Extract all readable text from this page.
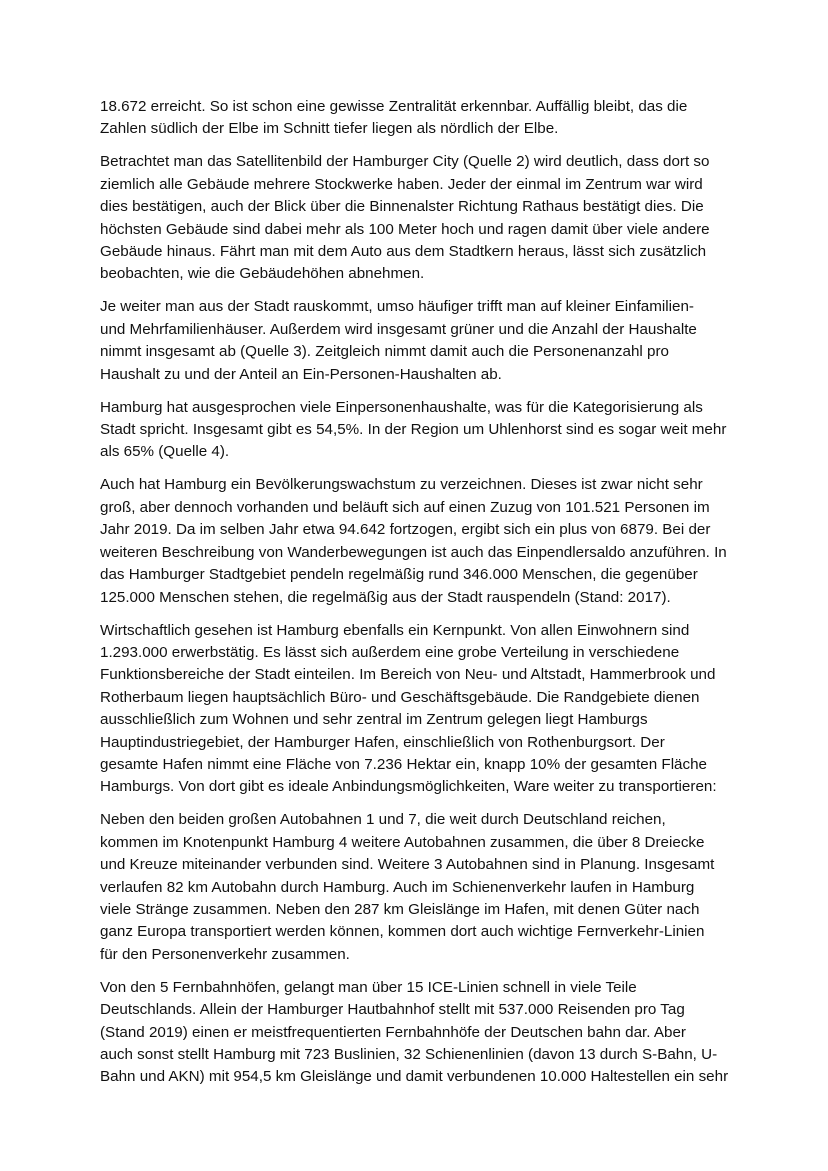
18.672 erreicht. So ist schon eine gewisse Zentralität erkennbar. Auffällig bleibt, das die
Zahlen südlich der Elbe im Schnitt tiefer liegen als nördlich der Elbe.

Betrachtet man das Satellitenbild der Hamburger City (Quelle 2) wird deutlich, dass dort so
ziemlich alle Gebäude mehrere Stockwerke haben. Jeder der einmal im Zentrum war wird
dies bestätigen, auch der Blick über die Binnenalster Richtung Rathaus bestätigt dies. Die
höchsten Gebäude sind dabei mehr als 100 Meter hoch und ragen damit über viele andere
Gebäude hinaus. Fährt man mit dem Auto aus dem Stadtkern heraus, lässt sich zusätzlich
beobachten, wie die Gebäudehöhen abnehmen.

Je weiter man aus der Stadt rauskommt, umso häufiger trifft man auf kleiner Einfamilien-
und Mehrfamilienhäuser. Außerdem wird insgesamt grüner und die Anzahl der Haushalte
nimmt insgesamt ab (Quelle 3). Zeitgleich nimmt damit auch die Personenanzahl pro
Haushalt zu und der Anteil an Ein-Personen-Haushalten ab.

Hamburg hat ausgesprochen viele Einpersonenhaushalte, was für die Kategorisierung als
Stadt spricht. Insgesamt gibt es 54,5%. In der Region um Uhlenhorst sind es sogar weit mehr
als 65% (Quelle 4).

Auch hat Hamburg ein Bevölkerungswachstum zu verzeichnen. Dieses ist zwar nicht sehr
groß, aber dennoch vorhanden und beläuft sich auf einen Zuzug von 101.521 Personen im
Jahr 2019. Da im selben Jahr etwa 94.642 fortzogen, ergibt sich ein plus von 6879. Bei der
weiteren Beschreibung von Wanderbewegungen ist auch das Einpendlersaldo anzuführen. In
das Hamburger Stadtgebiet pendeln regelmäßig rund 346.000 Menschen, die gegenüber
125.000 Menschen stehen, die regelmäßig aus der Stadt rauspendeln (Stand: 2017).

Wirtschaftlich gesehen ist Hamburg ebenfalls ein Kernpunkt. Von allen Einwohnern sind
1.293.000 erwerbstätig. Es lässt sich außerdem eine grobe Verteilung in verschiedene
Funktionsbereiche der Stadt einteilen. Im Bereich von Neu- und Altstadt, Hammerbrook und
Rotherbaum liegen hauptsächlich Büro- und Geschäftsgebäude. Die Randgebiete dienen
ausschließlich zum Wohnen und sehr zentral im Zentrum gelegen liegt Hamburgs
Hauptindustriegebiet, der Hamburger Hafen, einschließlich von Rothenburgsort. Der
gesamte Hafen nimmt eine Fläche von 7.236 Hektar ein, knapp 10% der gesamten Fläche
Hamburgs. Von dort gibt es ideale Anbindungsmöglichkeiten, Ware weiter zu transportieren:

Neben den beiden großen Autobahnen 1 und 7, die weit durch Deutschland reichen,
kommen im Knotenpunkt Hamburg 4 weitere Autobahnen zusammen, die über 8 Dreiecke
und Kreuze miteinander verbunden sind. Weitere 3 Autobahnen sind in Planung. Insgesamt
verlaufen 82 km Autobahn durch Hamburg. Auch im Schienenverkehr laufen in Hamburg
viele Stränge zusammen. Neben den 287 km Gleislänge im Hafen, mit denen Güter nach
ganz Europa transportiert werden können, kommen dort auch wichtige Fernverkehr-Linien
für den Personenverkehr zusammen.

Von den 5 Fernbahnhöfen, gelangt man über 15 ICE-Linien schnell in viele Teile
Deutschlands. Allein der Hamburger Hautbahnhof stellt mit 537.000 Reisenden pro Tag
(Stand 2019) einen er meistfrequentierten Fernbahnhöfe der Deutschen bahn dar. Aber
auch sonst stellt Hamburg mit 723 Buslinien, 32 Schienenlinien (davon 13 durch S-Bahn, U-
Bahn und AKN) mit 954,5 km Gleislänge und damit verbundenen 10.000 Haltestellen ein sehr
